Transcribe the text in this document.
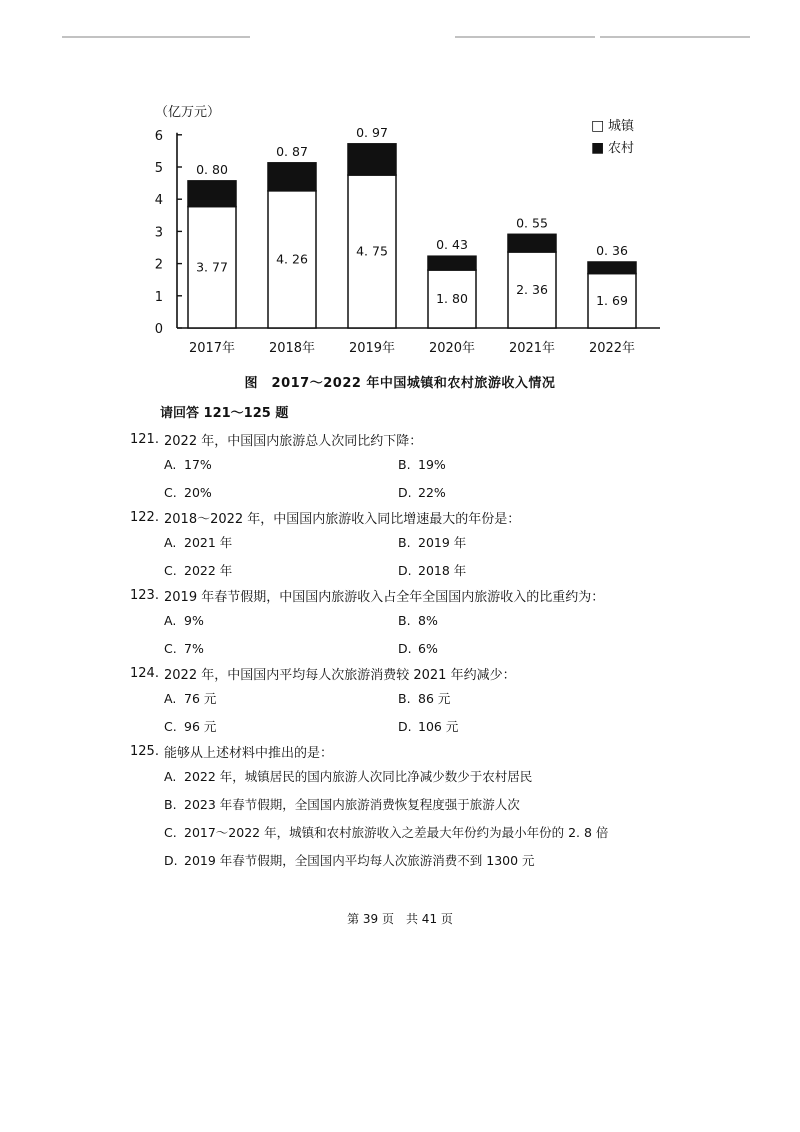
0
1
2
3
4
5
6
（亿万元）
0. 80
3. 77
2017年
0. 87
4. 26
2018年
0. 97
4. 75
2019年
0. 43
1. 80
2020年
0. 55
2. 36
2021年
0. 36
1. 69
2022年
□ 城镇
■ 农村
图　2017～2022 年中国城镇和农村旅游收入情况
请回答 121～125 题
121. 2022 年，中国国内旅游总人次同比约下降：
A. 17%	B. 19%
C. 20%	D. 22%
122. 2018～2022 年，中国国内旅游收入同比增速最大的年份是：
A. 2021 年	B. 2019 年
C. 2022 年	D. 2018 年
123. 2019 年春节假期，中国国内旅游收入占全年全国国内旅游收入的比重约为：
A. 9%	B. 8%
C. 7%	D. 6%
124. 2022 年，中国国内平均每人次旅游消费较 2021 年约减少：
A. 76 元	B. 86 元
C. 96 元	D. 106 元
125. 能够从上述材料中推出的是：
A. 2022 年，城镇居民的国内旅游人次同比净减少数少于农村居民
B. 2023 年春节假期，全国国内旅游消费恢复程度强于旅游人次
C. 2017～2022 年，城镇和农村旅游收入之差最大年份约为最小年份的 2. 8 倍
D. 2019 年春节假期，全国国内平均每人次旅游消费不到 1300 元
第 39 页　共 41 页
